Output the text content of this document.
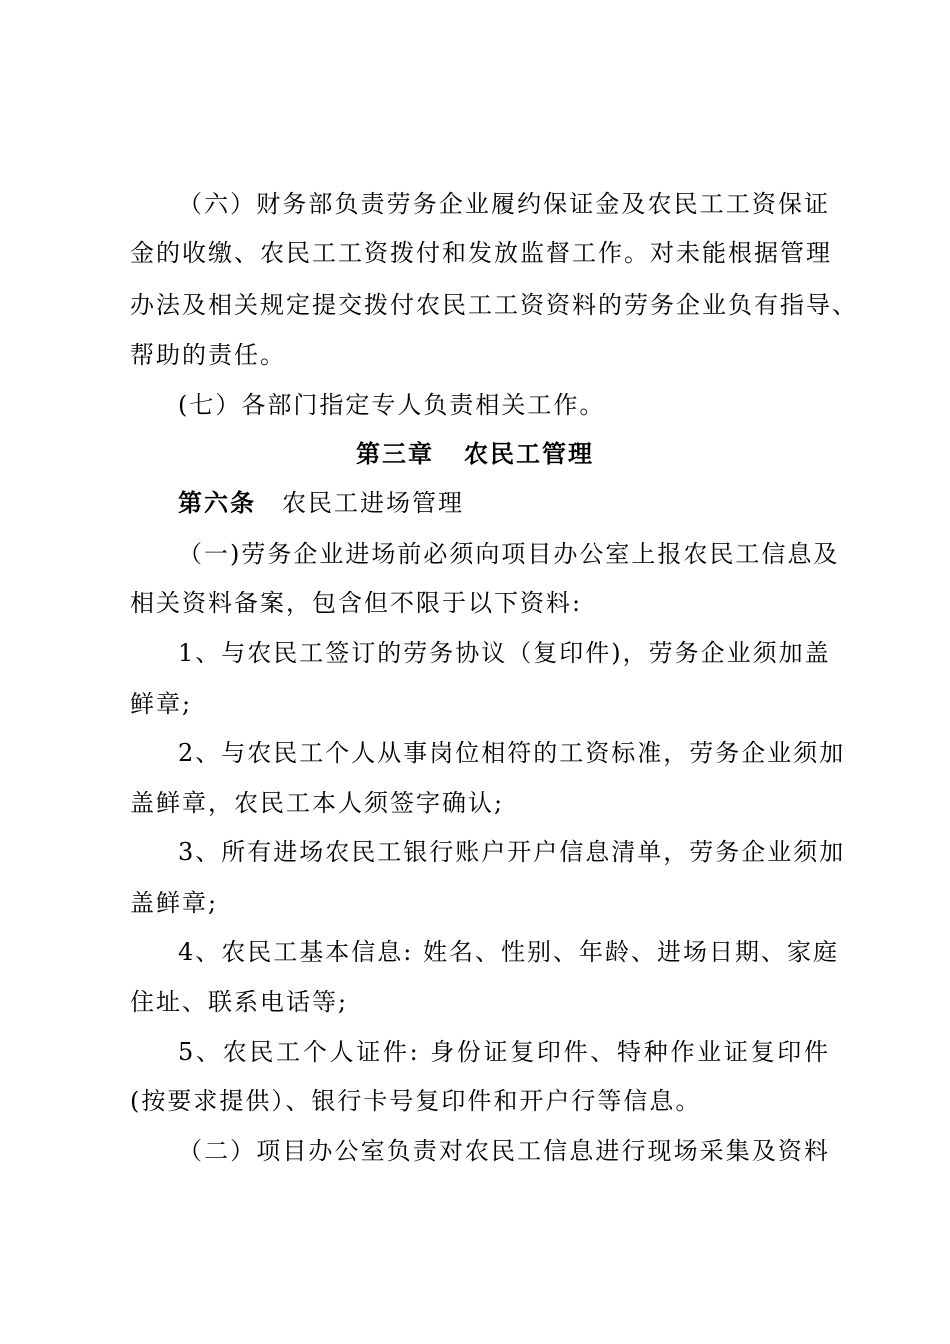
（六）财务部负责劳务企业履约保证金及农民工工资保证
金的收缴、农民工工资拨付和发放监督工作。对未能根据管理
办法及相关规定提交拨付农民工工资资料的劳务企业负有指导、
帮助的责任。
(七）各部门指定专人负责相关工作。
第三章 农民工管理
第六条 农民工进场管理
（一)劳务企业进场前必须向项目办公室上报农民工信息及
相关资料备案，包含但不限于以下资料:
1、与农民工签订的劳务协议（复印件)，劳务企业须加盖
鲜章;
2、与农民工个人从事岗位相符的工资标准，劳务企业须加
盖鲜章，农民工本人须签字确认;
3、所有进场农民工银行账户开户信息清单，劳务企业须加
盖鲜章;
4、农民工基本信息: 姓名、性别、年龄、进场日期、家庭
住址、联系电话等;
5、农民工个人证件: 身份证复印件、特种作业证复印件
(按要求提供）、银行卡号复印件和开户行等信息。
（二）项目办公室负责对农民工信息进行现场采集及资料
